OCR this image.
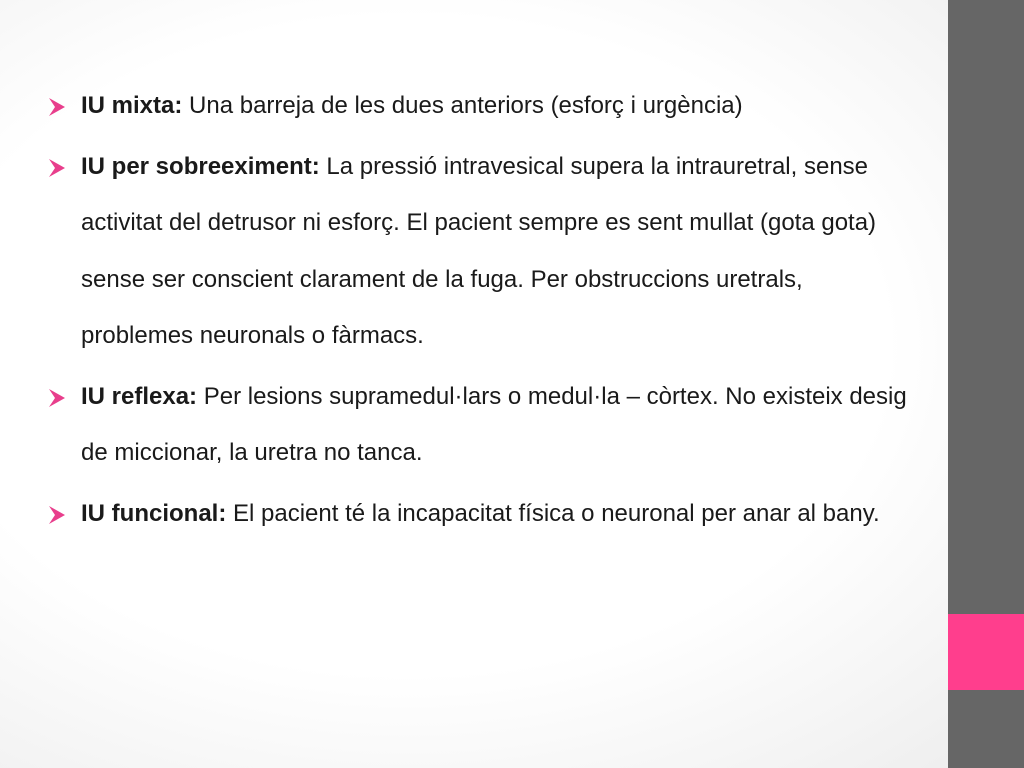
IU mixta: Una barreja de les dues anteriors (esforç i urgència)
IU per sobreeximent: La pressió intravesical supera la intrauretral, sense activitat del detrusor ni esforç. El pacient sempre es sent mullat (gota gota) sense ser conscient clarament de la fuga. Per obstruccions uretrals, problemes neuronals o fàrmacs.
IU reflexa: Per lesions supramedul·lars o medul·la – còrtex. No existeix desig de miccionar, la uretra no tanca.
IU funcional: El pacient té la incapacitat física o neuronal per anar al bany.
